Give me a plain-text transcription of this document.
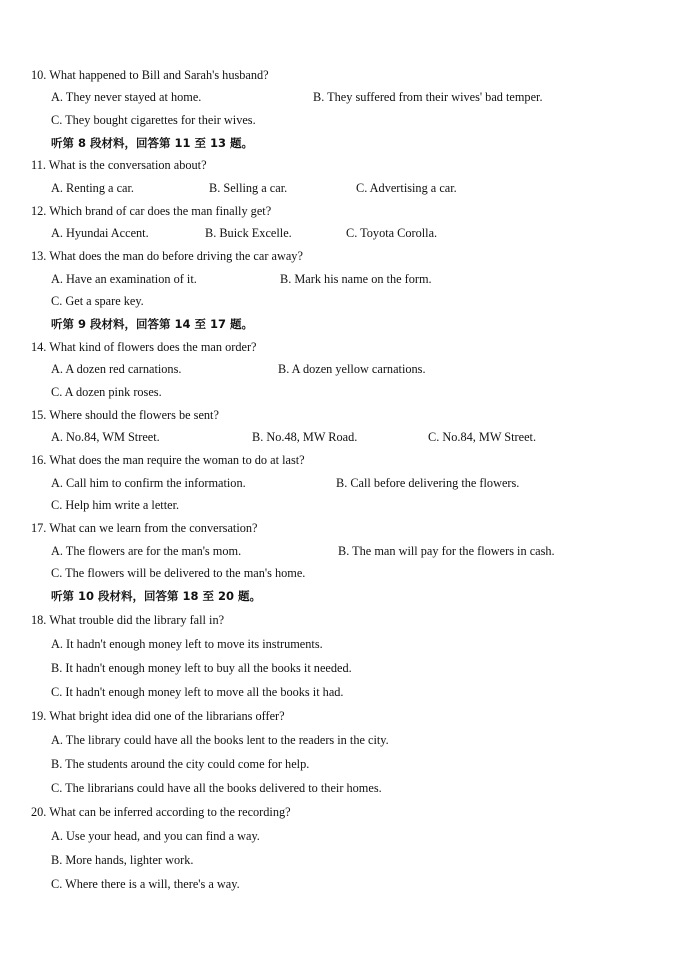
10. What happened to Bill and Sarah's husband?
A. They never stayed at home.	B. They suffered from their wives' bad temper.
C. They bought cigarettes for their wives.
听第 8 段材料，回答第 11 至 13 题。
11. What is the conversation about?
A. Renting a car.	B. Selling a car.	C. Advertising a car.
12. Which brand of car does the man finally get?
A. Hyundai Accent.	B. Buick Excelle.	C. Toyota Corolla.
13. What does the man do before driving the car away?
A. Have an examination of it.	B. Mark his name on the form.
C. Get a spare key.
听第 9 段材料，回答第 14 至 17 题。
14. What kind of flowers does the man order?
A. A dozen red carnations.	B. A dozen yellow carnations.
C. A dozen pink roses.
15. Where should the flowers be sent?
A. No.84, WM Street.	B. No.48, MW Road.	C. No.84, MW Street.
16. What does the man require the woman to do at last?
A. Call him to confirm the information.	B. Call before delivering the flowers.
C. Help him write a letter.
17. What can we learn from the conversation?
A. The flowers are for the man's mom.	B. The man will pay for the flowers in cash.
C. The flowers will be delivered to the man's home.
听第 10 段材料，回答第 18 至 20 题。
18. What trouble did the library fall in?
A. It hadn't enough money left to move its instruments.
B. It hadn't enough money left to buy all the books it needed.
C. It hadn't enough money left to move all the books it had.
19. What bright idea did one of the librarians offer?
A. The library could have all the books lent to the readers in the city.
B. The students around the city could come for help.
C. The librarians could have all the books delivered to their homes.
20. What can be inferred according to the recording?
A. Use your head, and you can find a way.
B. More hands, lighter work.
C. Where there is a will, there's a way.
